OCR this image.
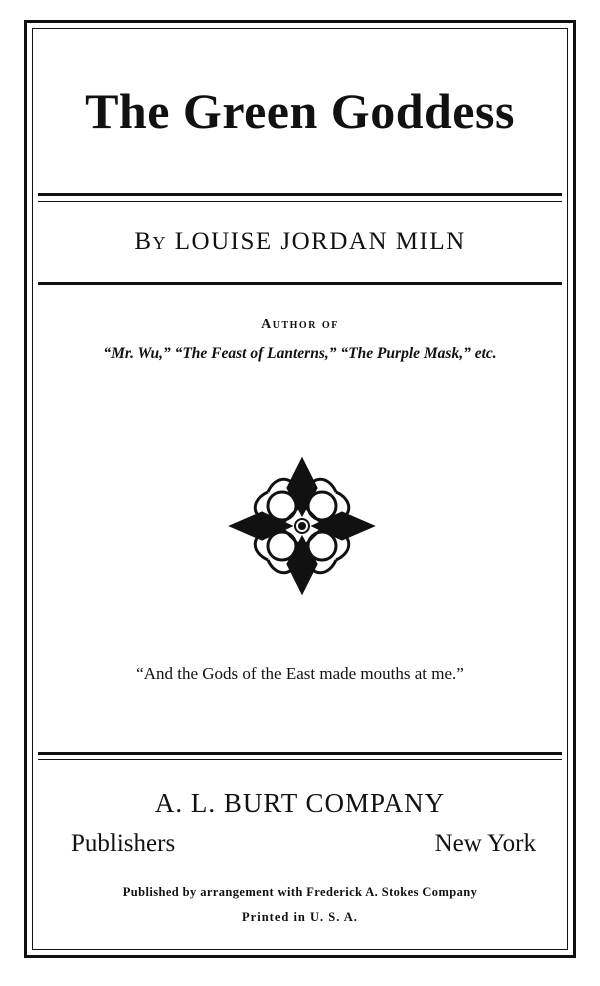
The Green Goddess
By LOUISE JORDAN MILN
Author of
“Mr. Wu,” “The Feast of Lanterns,” “The Purple Mask,” etc.
“And the Gods of the East made mouths at me.”
A. L. BURT COMPANY
Publishers	New York
Published by arrangement with Frederick A. Stokes Company
Printed in U. S. A.
